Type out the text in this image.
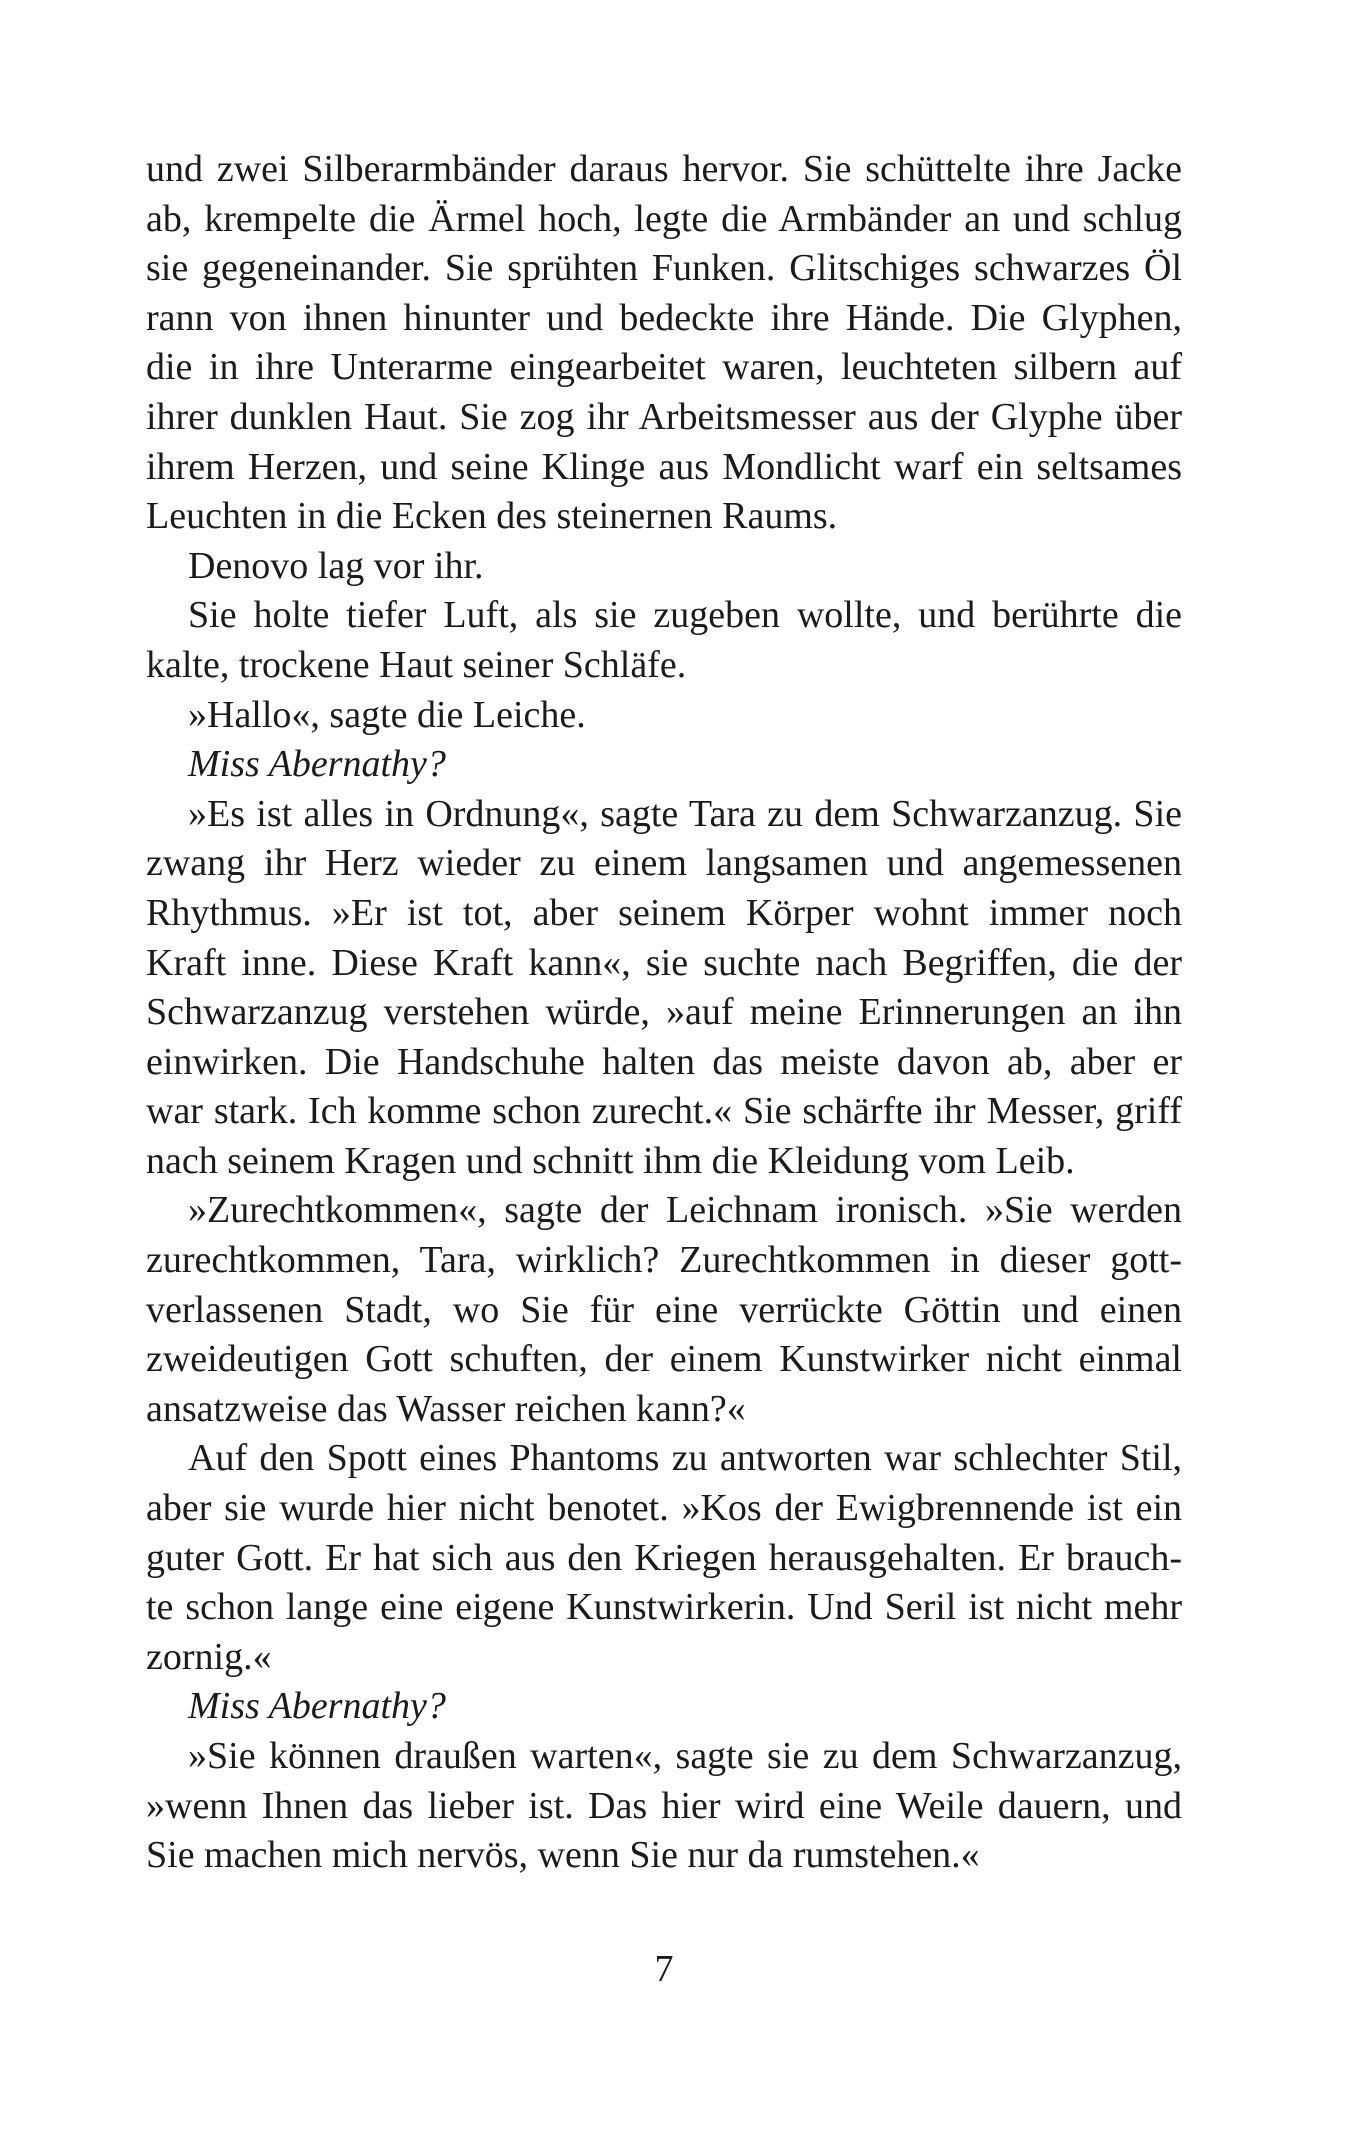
und zwei Silberarmbänder daraus hervor. Sie schüttelte ihre Jacke
ab, krempelte die Ärmel hoch, legte die Armbänder an und schlug
sie gegeneinander. Sie sprühten Funken. Glitschiges schwarzes Öl
rann von ihnen hinunter und bedeckte ihre Hände. Die Glyphen,
die in ihre Unterarme eingearbeitet waren, leuchteten silbern auf
ihrer dunklen Haut. Sie zog ihr Arbeitsmesser aus der Glyphe über
ihrem Herzen, und seine Klinge aus Mondlicht warf ein seltsames
Leuchten in die Ecken des steinernen Raums.
Denovo lag vor ihr.
Sie holte tiefer Luft, als sie zugeben wollte, und berührte die
kalte, trockene Haut seiner Schläfe.
»Hallo«, sagte die Leiche.
Miss Abernathy?
»Es ist alles in Ordnung«, sagte Tara zu dem Schwarzanzug. Sie
zwang ihr Herz wieder zu einem langsamen und angemessenen
Rhythmus. »Er ist tot, aber seinem Körper wohnt immer noch
Kraft inne. Diese Kraft kann«, sie suchte nach Begriffen, die der
Schwarzanzug verstehen würde, »auf meine Erinnerungen an ihn
einwirken. Die Handschuhe halten das meiste davon ab, aber er
war stark. Ich komme schon zurecht.« Sie schärfte ihr Messer, griff
nach seinem Kragen und schnitt ihm die Kleidung vom Leib.
»Zurechtkommen«, sagte der Leichnam ironisch. »Sie werden
zurechtkommen, Tara, wirklich? Zurechtkommen in dieser gott-
verlassenen Stadt, wo Sie für eine verrückte Göttin und einen
zweideutigen Gott schuften, der einem Kunstwirker nicht einmal
ansatzweise das Wasser reichen kann?«
Auf den Spott eines Phantoms zu antworten war schlechter Stil,
aber sie wurde hier nicht benotet. »Kos der Ewigbrennende ist ein
guter Gott. Er hat sich aus den Kriegen herausgehalten. Er brauch-
te schon lange eine eigene Kunstwirkerin. Und Seril ist nicht mehr
zornig.«
Miss Abernathy?
»Sie können draußen warten«, sagte sie zu dem Schwarzanzug,
»wenn Ihnen das lieber ist. Das hier wird eine Weile dauern, und
Sie machen mich nervös, wenn Sie nur da rumstehen.«
7
